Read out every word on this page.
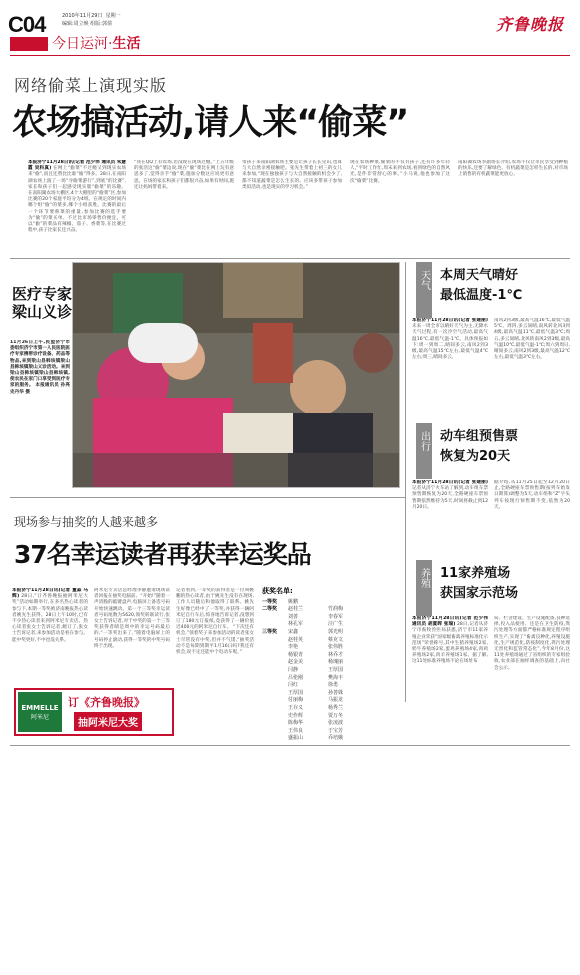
C04	2010年11月29日 星期一
编辑:周立焕 组版:郭倩
今日运河·生活
齐鲁晚报
网络偷菜上演现实版
农场搞活动,请人来“偷菜”
本报济宁11月28日讯(记者 范少伟 通讯员 朱慧霞 吴科真) 在网上“偷菜”不过瘾又到现实农场来“偷”,而且还赞比比谁“偷”得多。28日,在南阳湖农场上演了一场“寻偷菜游行”,到底“的比赛”,家长和孩子们一起感受现实版“偷菜”的乐趣。 在南阳湖农场大棚区,4个大棚里的“偷菜”区,参加比赛的20个家庭平均分为4组。在规定的时间内哪个组“偷”的菜多,哪个小组获胜。比赛的最后一个环节要称菜的重量,参加比赛的选手要为“偷”的菜买单。不过比市场零售价便宜。可以“偷”的菜品有辣椒、茄子、香菜等,在比赛过程中,孩子比家长还兴奋。
“我在QQ上有农场,但没现在现场过瘾。”上五年级的张浩这“偷”菜边说,现在“偷”菜比在网上玩有意思多了,觉得亲手“偷”菜,施加分数这应说更有意思。在场的家长和孩子们都很兴奋,如果有时间,施还让妈妈带着来。
带孩子来南阳湖农场主要是让孩子长长见识,也算与大自然亲密接触吧。张先生带着上初三的女儿来参加,“现在独独孩子与大自然接触的机会少了,都不知道蔬菜是怎么生长的。应该多带孩子参加类似活动,也是现实的学习机会。”
现在农场种菜,偷菜的不仅有孩子,还有许多年轻人,“平时工作忙,周末来到农场,看到绿色的自然风光,是件非常舒心的事。”小马说,他也参加了这次“偷菜”比赛。
南阳湖农场李副场长介绍,农场不仅让市民享受到种植的快乐,还要了解绿色、有机蔬菜是怎样生长的,对市场上销售的有机蔬菜能更放心。
医疗专家
梁山义诊
11月26日上午,民盟济宁市委组织济宁市第一人民医院医疗专家携带诊疗设备、药品等物品,来到梁山县韩垓镇梁山县韩垓镇梁山义诊活动。来到梁山县韩垓镇梁山县韩垓镇,使农民在家门口享受到医疗专家的服务。 本报通讯员 孙亮 史丹华 摄
天气 本周天气晴好
最低温度-1℃
本报济宁11月28日讯(记者 张建丽) 未来一周全市以晴好天气为主,无降水天气过程,有一次冷空气活动,最高气温16℃,最低气温-1℃。具体预报如下:周一到周二,晴间多云,南风2到3级,最高气温15℃左右,最低气温4℃左右;周三,晴间多云,
南风2到3级,最高气温16℃,最低气温5℃。周四,多云间晴,南风转北风3到4级,最高气温11℃,最低气温3℃;周五,多云间晴,北风转南风2到3级,最高气温10℃,最低气温-1℃;周六到周日,晴间多云,南风2到3级,最高气温12℃左右,最低气温3℃左右。
出行 动车组预售票
恢复为20天
本报济宁11月28日讯(记者 张建丽) 记者从济宁火车站了解到,动车组车票预售期恢复为20天,全路硬座车票预售期依然维持为5天,时间将截止到12月20日。
据介绍,从11月25日起至12月20日止,全路硬座车票预售期(按列车始发日期算)调整为5天,动车组和“Z”字头列车按现行预售期不变,依然为20天。
养殖 11家养殖场
获国家示范场
本报济宁11月28日讯(记者 范少伟 通讯员 胡夏晖 张瑞) 28日,记者从济宁市畜牧兽医局获悉,济宁市11家养殖企业荣获“国家级畜禽养殖标准化示范场”荣誉称号,其中生猪养殖场2家,奶牛养殖场2家,蛋鸡养殖场4家,肉鸡养殖场2家,肉羊养殖场1家。据了解,这11处标准养殖场不论在场址布
局、栏舍建设、生产设施配备,良种选择,投入品使用、还是在卫生防疫,粪污处理等方面都严格标准规定程序组织生产,实现了“畜禽良种化,养殖设施化,生产规范化,防疫制度化,粪污处理无害化和监管常态化”,今年8月份,这11处养殖场通过了省组织的专家组验收,农业部在抽样调查的基础上,向社会公示。
现场参与抽奖的人越来越多
37名幸运读者再获幸运奖品
本报济宁11月28日讯(记者 董淼 马辉) 28日,“订齐鲁晚报抽阿米尼大奖”活动如期举行,在多名热心读者的参与下,本期一等奖被济南晚报热心读者姚先生获得。28日上午10时,已有不少热心读者来到阿米尼专卖店。热心读者张女士告诉记者,她订了,张女士告诉记者,来参加活动是看在参与。能中奖更好,不中也没关系。
阿米尼专卖店总经理李静邀请现场读者回报在抽奖电脑前。“开始!”随着一声清脆的敲键盘声,电脑屏上备选号码开始快速跳动。第一个三等奖幸运读者号码尾数为5620,领奖转联读行,张女士告诉记者,对于中奖的第一个三等奖获得者晴是周中的幸运号码最后的,“一等奖出来了,”随着电脑屏上的号码停止滚动,获得一等奖的中奖号码终于出现。
记者看到,一等奖的获得者是一位叫姚鹏的热心读者,由于姚先生没有在现场,工作人员随后和他取得了联系。姚先生好像已经中了一等奖,并获得一辆阿米尼自行车后,惊喜地告诉记者,没想到订了180元订报纸,竟获得了一辆价值近400元的阿米尼自行车。 “下次还有机会,”领着奖子来参加活动的读者张女士尽管没有中奖,但并不气馁,“抽奖活动不是每期到期平1月16日吗?我还有机会,说不定还能中个电动车呢。”
获奖名单:
一等奖	姚鹏
二等奖	赵桂兰	竹润梅
刘善	李春军
林孔军	汪广生
三等奖	宋鑫	郭光明
赵桂英	蔡克文
李艳	张伟胜
杨银青	林乔才
赵金美	杨瑰丽
闫静	王厚国
吕伦刚	樊海丰
闫红	徐勇
王厚国	孙善姝
付丽梅	马振龙
王存义	杨秀兰
史作辉	贾万冬
陈梅华	张凌波
王伟良	于宝芳
盛振山	乔培娥
EMMELLE
阿米尼
订《齐鲁晚报》
抽阿米尼大奖
